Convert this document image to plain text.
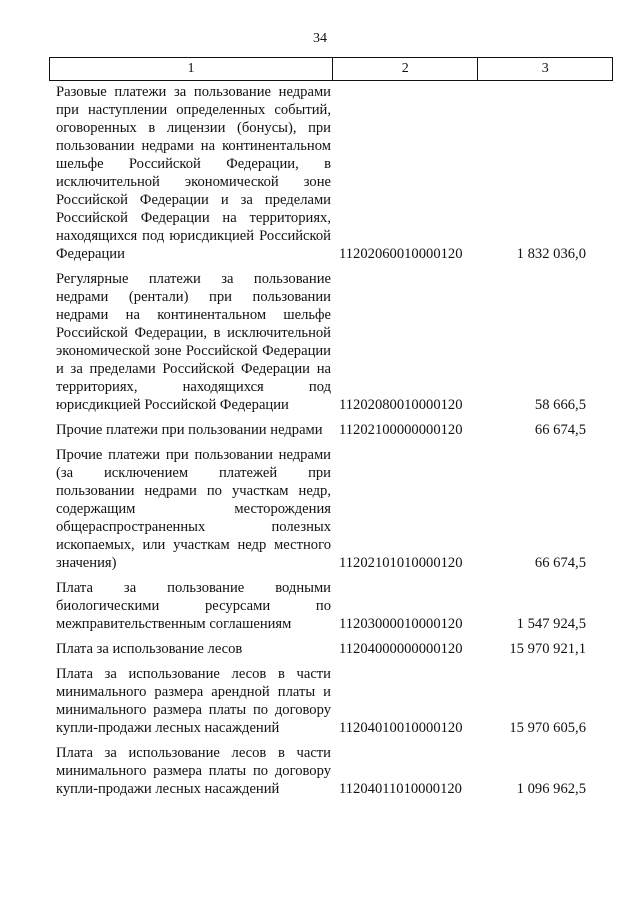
34
1	2	3
Разовые платежи за пользование недрами при наступлении определенных событий, оговоренных в лицензии (бонусы), при пользовании недрами на континентальном шельфе Российской Федерации, в исключительной экономической зоне Российской Федерации и за пределами Российской Федерации на территориях, находящихся под юрисдикцией Российской Федерации	11202060010000120	1 832 036,0
Регулярные платежи за пользование недрами (рентали) при пользовании недрами на континентальном шельфе Российской Федерации, в исключительной экономической зоне Российской Федерации и за пределами Российской Федерации на территориях, находящихся под юрисдикцией Российской Федерации	11202080010000120	58 666,5
Прочие платежи при пользовании недрами	11202100000000120	66 674,5
Прочие платежи при пользовании недрами (за исключением платежей при пользовании недрами по участкам недр, содержащим месторождения общераспространенных полезных ископаемых, или участкам недр местного значения)	11202101010000120	66 674,5
Плата за пользование водными биологическими ресурсами по межправительственным соглашениям	11203000010000120	1 547 924,5
Плата за использование лесов	11204000000000120	15 970 921,1
Плата за использование лесов в части минимального размера арендной платы и минимального размера платы по договору купли-продажи лесных насаждений	11204010010000120	15 970 605,6
Плата за использование лесов в части минимального размера платы по договору купли-продажи лесных насаждений	11204011010000120	1 096 962,5
